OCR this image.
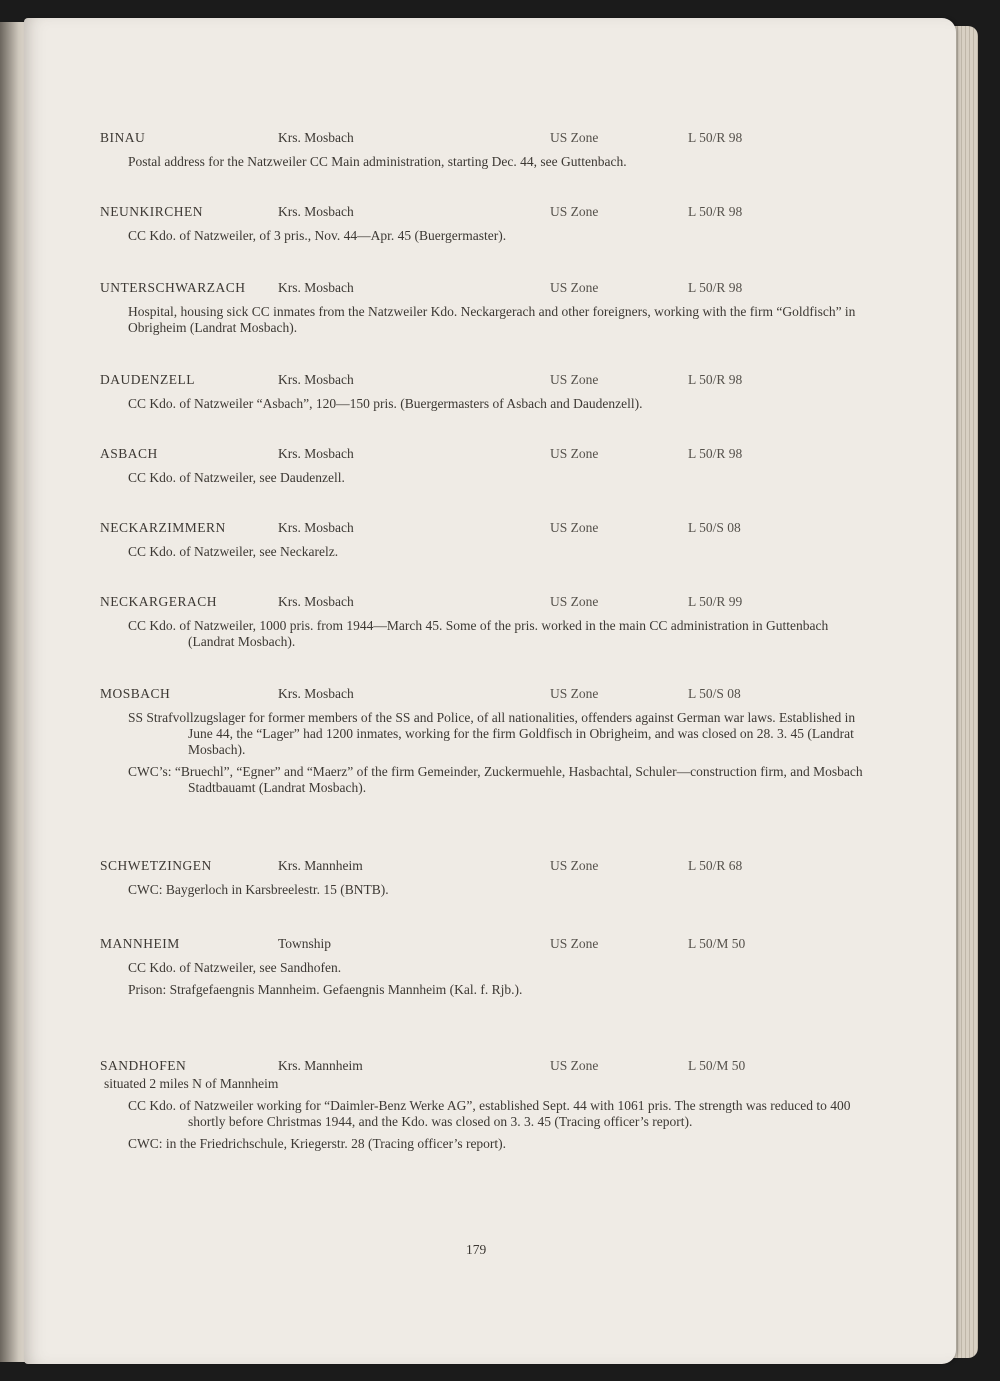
BINAU	Krs. Mosbach	US Zone	L 50/R 98
Postal address for the Natzweiler CC Main administration, starting Dec. 44, see Guttenbach.
NEUNKIRCHEN	Krs. Mosbach	US Zone	L 50/R 98
CC Kdo. of Natzweiler, of 3 pris., Nov. 44—Apr. 45 (Buergermaster).
UNTERSCHWARZACH Krs. Mosbach	US Zone	L 50/R 98
Hospital, housing sick CC inmates from the Natzweiler Kdo. Neckargerach and other foreigners, working with the firm “Goldfisch” in Obrigheim (Landrat Mosbach).
DAUDENZELL	Krs. Mosbach	US Zone	L 50/R 98
CC Kdo. of Natzweiler “Asbach”, 120—150 pris. (Buergermasters of Asbach and Daudenzell).
ASBACH	Krs. Mosbach	US Zone	L 50/R 98
CC Kdo. of Natzweiler, see Daudenzell.
NECKARZIMMERN	Krs. Mosbach	US Zone	L 50/S 08
CC Kdo. of Natzweiler, see Neckarelz.
NECKARGERACH	Krs. Mosbach	US Zone	L 50/R 99
CC Kdo. of Natzweiler, 1000 pris. from 1944—March 45. Some of the pris. worked in the main CC administration in Guttenbach (Landrat Mosbach).
MOSBACH	Krs. Mosbach	US Zone	L 50/S 08
SS Strafvollzugslager for former members of the SS and Police, of all nationalities, offenders against German war laws. Established in June 44, the “Lager” had 1200 inmates, working for the firm Goldfisch in Obrigheim, and was closed on 28. 3. 45 (Landrat Mosbach).
CWC’s: “Bruechl”, “Egner” and “Maerz” of the firm Gemeinder, Zuckermuehle, Hasbachtal, Schuler—construction firm, and Mosbach Stadtbauamt (Landrat Mosbach).
SCHWETZINGEN	Krs. Mannheim	US Zone	L 50/R 68
CWC: Baygerloch in Karsbreelestr. 15 (BNTB).
MANNHEIM	Township	US Zone	L 50/M 50
CC Kdo. of Natzweiler, see Sandhofen.
Prison: Strafgefaengnis Mannheim. Gefaengnis Mannheim (Kal. f. Rjb.).
SANDHOFEN	Krs. Mannheim	US Zone	L 50/M 50
situated 2 miles N of Mannheim
CC Kdo. of Natzweiler working for “Daimler-Benz Werke AG”, established Sept. 44 with 1061 pris. The strength was reduced to 400 shortly before Christmas 1944, and the Kdo. was closed on 3. 3. 45 (Tracing officer’s report).
CWC: in the Friedrichschule, Kriegerstr. 28 (Tracing officer’s report).
179
